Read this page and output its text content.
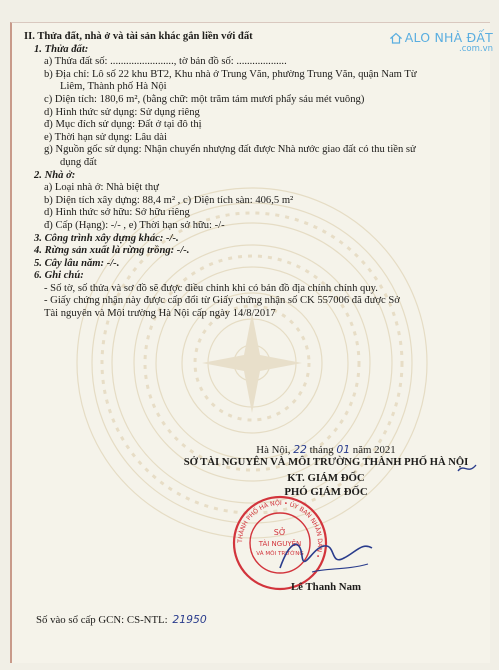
II. Thửa đất, nhà ở và tài sản khác gắn liền với đất
1. Thửa đất:
a) Thửa đất số: ........................, tờ bản đồ số: ...................
b) Địa chỉ: Lô số 22 khu BT2, Khu nhà ở Trung Văn, phường Trung Văn, quận Nam Từ
Liêm, Thành phố Hà Nội
c) Diện tích: 180,6 m², (bằng chữ: một trăm tám mươi phẩy sáu mét vuông)
d) Hình thức sử dụng: Sử dụng riêng
đ) Mục đích sử dụng: Đất ở tại đô thị
e) Thời hạn sử dụng: Lâu dài
g) Nguồn gốc sử dụng: Nhận chuyển nhượng đất được Nhà nước giao đất có thu tiền sử
dụng đất
2. Nhà ở:
a) Loại nhà ở: Nhà biệt thự
b) Diện tích xây dựng: 88,4 m² , c) Diện tích sàn: 406,5 m²
d) Hình thức sở hữu: Sở hữu riêng
đ) Cấp (Hạng): -/- , e) Thời hạn sở hữu: -/-
3. Công trình xây dựng khác: -/-.
4. Rừng sản xuất là rừng trồng: -/-.
5. Cây lâu năm: -/-.
6. Ghi chú:
- Số tờ, số thửa và sơ đồ sẽ được điều chỉnh khi có bản đồ địa chính chính quy.
- Giấy chứng nhận này được cấp đổi từ Giấy chứng nhận số CK 557006 đã được Sở
Tài nguyên và Môi trường Hà Nội cấp ngày 14/8/2017
Hà Nội, 22 tháng 01 năm 2021
SỞ TÀI NGUYÊN VÀ MÔI TRƯỜNG THÀNH PHỐ HÀ NỘI
KT. GIÁM ĐỐC
PHÓ GIÁM ĐỐC
THÀNH PHỐ HÀ NỘI • ỦY BAN NHÂN DÂN •
SỞ
TÀI NGUYÊN
VÀ MÔI TRƯỜNG
Lê Thanh Nam
Số vào sổ cấp GCN: CS-NTL: 21950
ALO NHÀ ĐẤT
.com.vn
